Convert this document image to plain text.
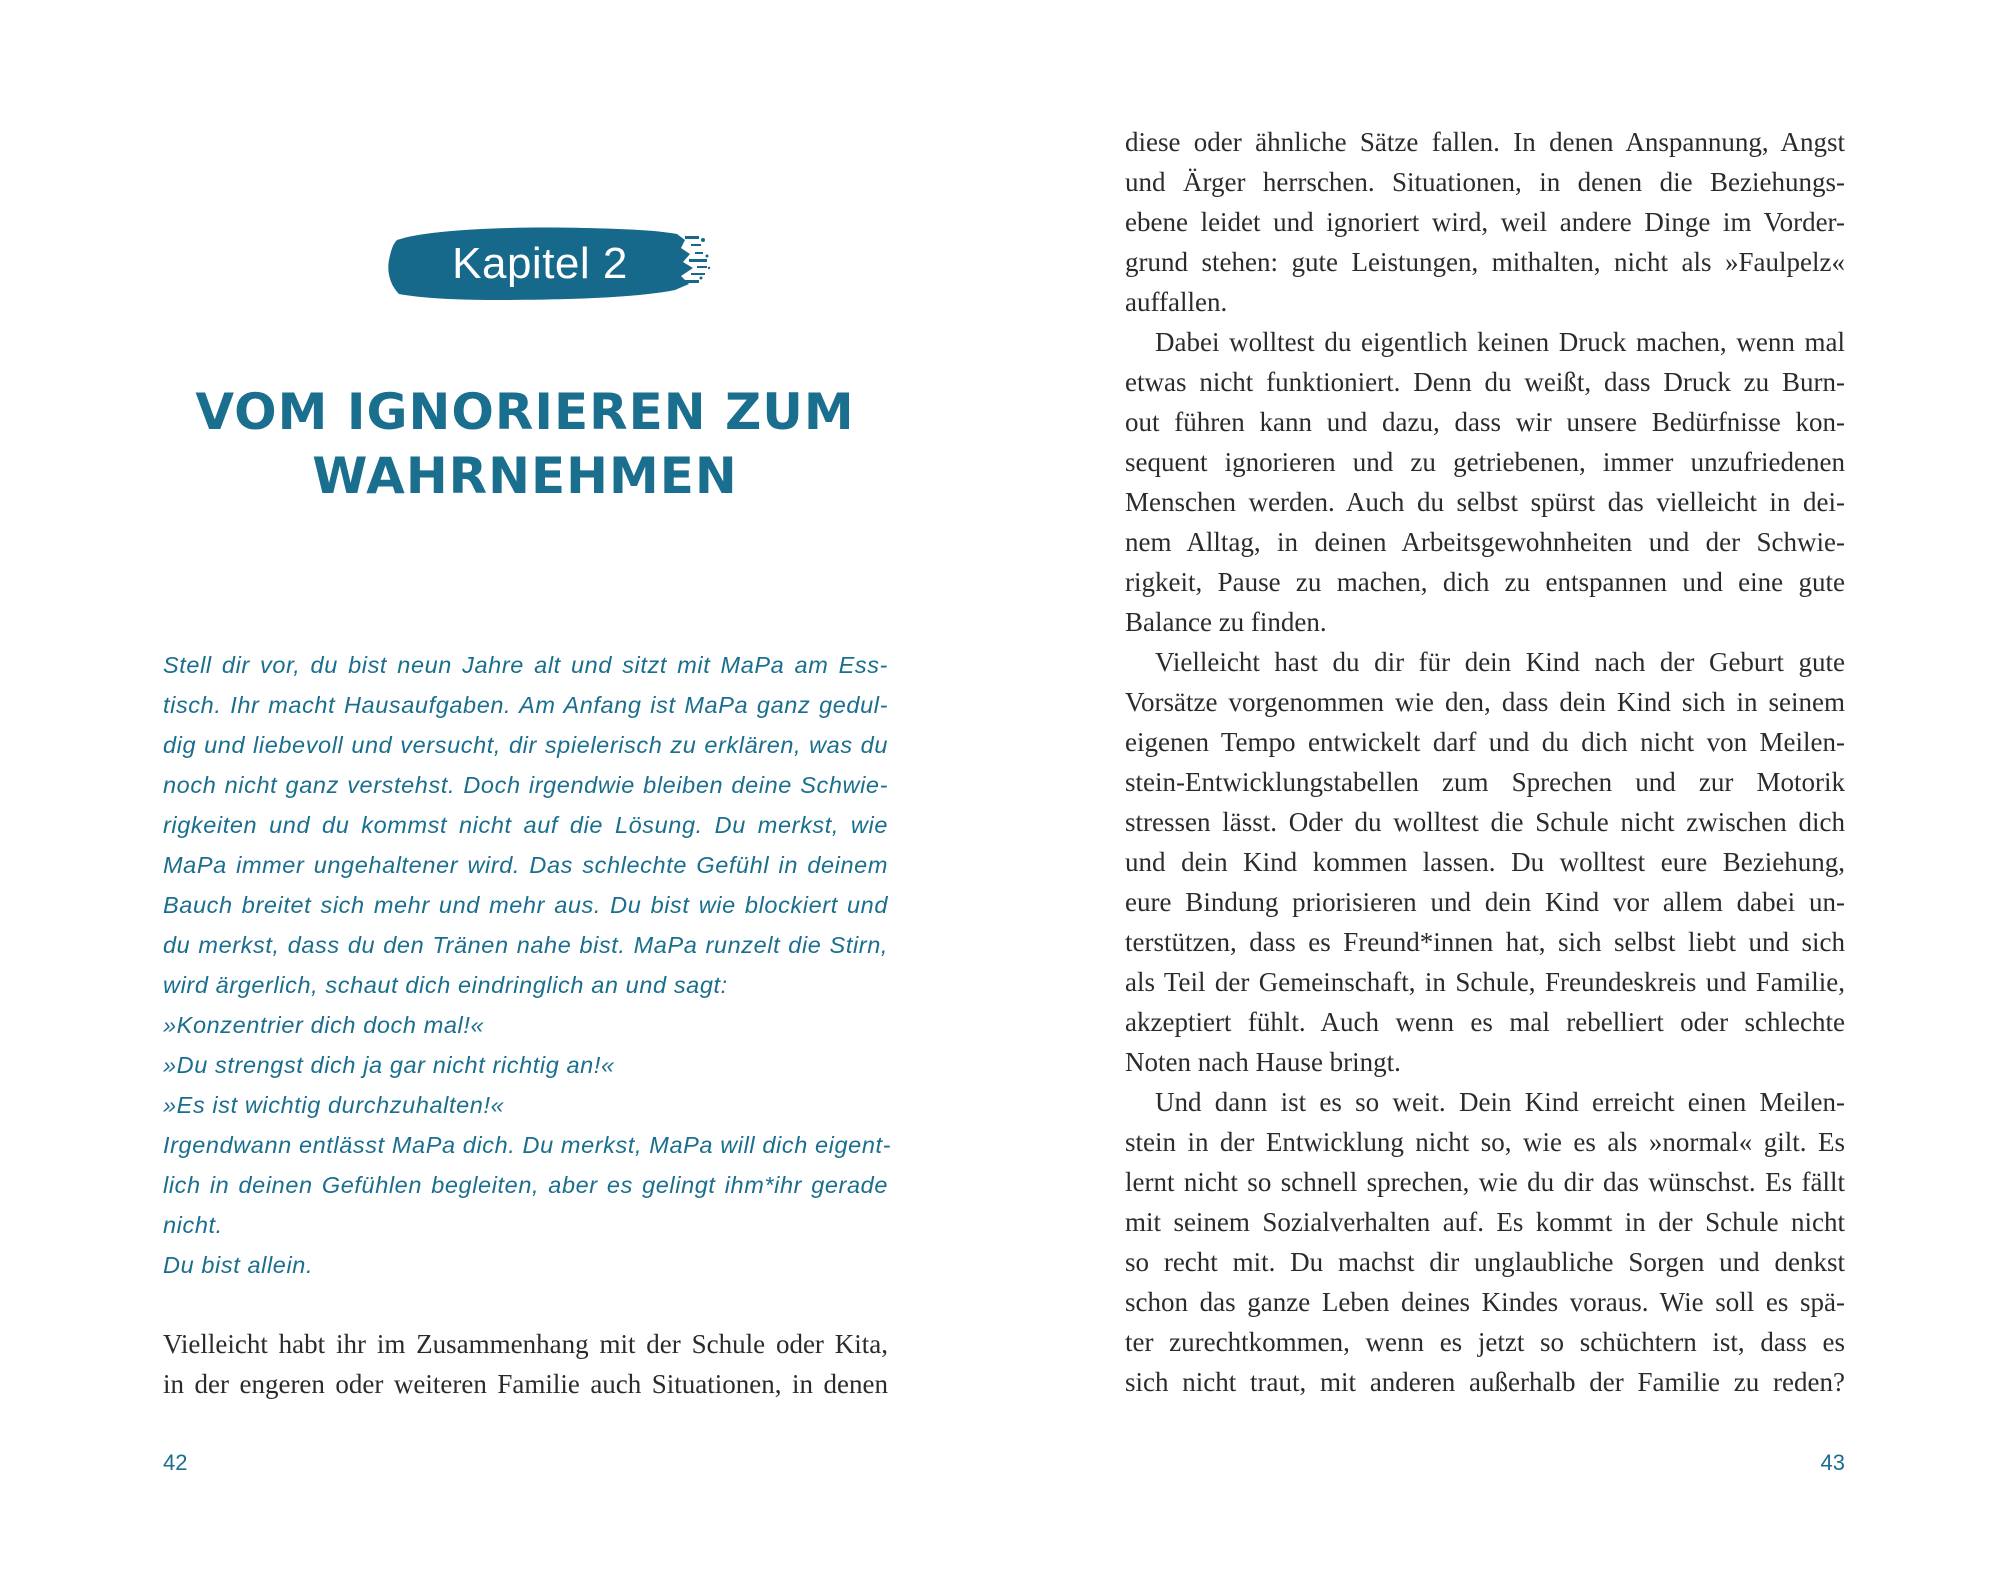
Kapitel 2
VOM IGNORIEREN ZUM
WAHRNEHMEN
Stell dir vor, du bist neun Jahre alt und sitzt mit MaPa am Ess-
tisch. Ihr macht Hausaufgaben. Am Anfang ist MaPa ganz gedul-
dig und liebevoll und versucht, dir spielerisch zu erklären, was du
noch nicht ganz verstehst. Doch irgendwie bleiben deine Schwie-
rigkeiten und du kommst nicht auf die Lösung. Du merkst, wie
MaPa immer ungehaltener wird. Das schlechte Gefühl in deinem
Bauch breitet sich mehr und mehr aus. Du bist wie blockiert und
du merkst, dass du den Tränen nahe bist. MaPa runzelt die Stirn,
wird ärgerlich, schaut dich eindringlich an und sagt:
»Konzentrier dich doch mal!«
»Du strengst dich ja gar nicht richtig an!«
»Es ist wichtig durchzuhalten!«
Irgendwann entlässt MaPa dich. Du merkst, MaPa will dich eigent-
lich in deinen Gefühlen begleiten, aber es gelingt ihm*ihr gerade
nicht.
Du bist allein.
Vielleicht habt ihr im Zusammenhang mit der Schule oder Kita,
in der engeren oder weiteren Familie auch Situationen, in denen
42
diese oder ähnliche Sätze fallen. In denen Anspannung, Angst
und Ärger herrschen. Situationen, in denen die Beziehungs-
ebene leidet und ignoriert wird, weil andere Dinge im Vorder-
grund stehen: gute Leistungen, mithalten, nicht als »Faulpelz«
auffallen.
Dabei wolltest du eigentlich keinen Druck machen, wenn mal
etwas nicht funktioniert. Denn du weißt, dass Druck zu Burn-
out führen kann und dazu, dass wir unsere Bedürfnisse kon-
sequent ignorieren und zu getriebenen, immer unzufriedenen
Menschen werden. Auch du selbst spürst das vielleicht in dei-
nem Alltag, in deinen Arbeitsgewohnheiten und der Schwie-
rigkeit, Pause zu machen, dich zu entspannen und eine gute
Balance zu finden.
Vielleicht hast du dir für dein Kind nach der Geburt gute
Vorsätze vorgenommen wie den, dass dein Kind sich in seinem
eigenen Tempo entwickelt darf und du dich nicht von Meilen-
stein-Entwicklungstabellen zum Sprechen und zur Motorik
stressen lässt. Oder du wolltest die Schule nicht zwischen dich
und dein Kind kommen lassen. Du wolltest eure Beziehung,
eure Bindung priorisieren und dein Kind vor allem dabei un-
terstützen, dass es Freund*innen hat, sich selbst liebt und sich
als Teil der Gemeinschaft, in Schule, Freundeskreis und Familie,
akzeptiert fühlt. Auch wenn es mal rebelliert oder schlechte
Noten nach Hause bringt.
Und dann ist es so weit. Dein Kind erreicht einen Meilen-
stein in der Entwicklung nicht so, wie es als »normal« gilt. Es
lernt nicht so schnell sprechen, wie du dir das wünschst. Es fällt
mit seinem Sozialverhalten auf. Es kommt in der Schule nicht
so recht mit. Du machst dir unglaubliche Sorgen und denkst
schon das ganze Leben deines Kindes voraus. Wie soll es spä-
ter zurechtkommen, wenn es jetzt so schüchtern ist, dass es
sich nicht traut, mit anderen außerhalb der Familie zu reden?
43
